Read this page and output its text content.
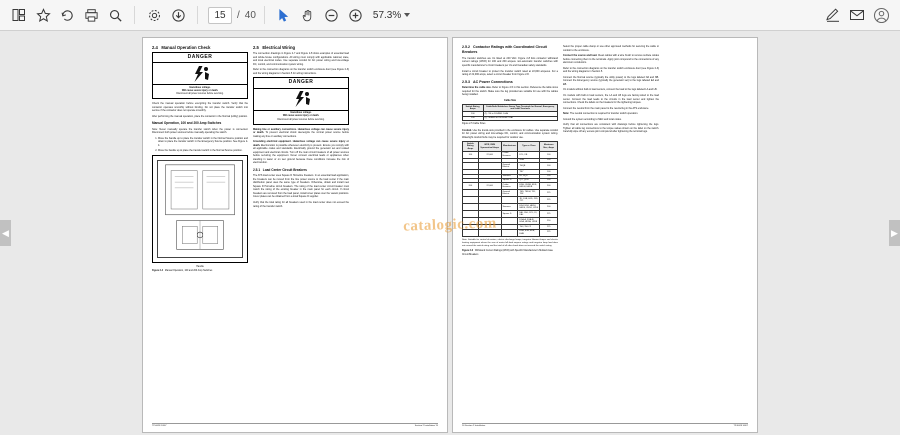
15
/ 40	57.3%
◀	▶
2.4 Manual Operation Check
DANGER
Hazardous voltage.
Will cause severe injury or death.
Disconnect all power sources before servicing.

Check the manual operation before energizing the transfer switch. Verify that the contactor operates smoothly without binding. Do not place the transfer switch into service if the contactor does not operate smoothly.

After performing the manual operation, place the contactor in the Normal (utility) position.

Manual Operation, 100 and 200 Amp Switches

Note: Never manually operate the transfer switch when the power is connected. Disconnect both power sources before manually operating the switch.

1. Move the handle up to place the transfer switch in the Normal Source position and down to place the transfer switch in the Emergency Source position. See Figure 2-4.
2. Move the handle up to place the transfer switch in the Normal Source position.
Handle
Figure 2-4 Manual Operation, 100 and 200 Amp Switches
2.5 Electrical Wiring

The connection drawings in Figure 2-7 and Figure 2-8 show examples of essential load and whole-house configurations. All wiring must comply with applicable national, state, and local electrical codes. Use separate conduit for AC power wiring and low-voltage DC, control, and communication system wiring.

Refer to the connection diagrams on the transfer switch enclosure door (see Figure 2-3) and the wiring diagrams in Section 5 for wiring instructions.

DANGER
Hazardous voltage.
Will cause severe injury or death.
Disconnect all power sources before servicing.

Making line or auxiliary connections. Hazardous voltage can cause severe injury or death. To prevent electrical shock deenergize the normal power source before making any line or auxiliary connections.

Grounding electrical equipment. Hazardous voltage can cause severe injury or death. Electrocution is possible whenever electricity is present. Ensure you comply with all applicable codes and standards. Electrically ground the generator set and related equipment and electrical circuits. Turn off the main circuit breakers of all power sources before servicing the equipment. Never connect electrical leads or appliances when standing in water or on wet ground because these conditions increase the risk of electrocution.

2.5.1 Load Center Circuit Breakers

The ATS load center uses Square D Homeline breakers. In an essential load application, the breakers can be moved from the line power source to the load center if the main distribution panel uses the same type of breakers. Otherwise, obtain and install new Square D Homeline circuit breakers. The rating of the load center circuit breaker must match the rating of the existing breaker in the main panel for each circuit. If circuit breakers are removed from the load panel, install cover plates over the vacant positions. Cover plates can be obtained from a local Square D supplier.

Verify that the total rating for all breakers used in the load center does not exceed the rating of the transfer switch.

TP-6028 10/07	Section 2 Installation 15
2.5.2 Contactor Ratings with Coordinated Circuit Breakers

The transfer switches are UL listed at 240 VAC. Figure 2-8 lists contactor withstand current ratings (WCR) for 100 and 200 ampere non-automatic transfer switches with specific manufacturer's circuit breakers per UL and Canadian safety standards.

Install a circuit breaker to protect the transfer switch rated at 22,000 amperes. For a rating of 22,000 amps, select a circuit breaker from Figure 2-8.

2.5.3 AC Power Connections

Determine the cable size. Refer to Figure 2-5 in this section. Reference the table sizes required for the switch. Make sure the lug provided are suitable for use with the cables being installed.

Cable Size
Switch Rating, Amps	Cable/Solid Solderless Screw Type Terminals for Normal, Emergency, and Load Terminals
100	(1) #14 to 1/0 AWG Cu/Al
200	(1) #6 AWG to 250 kcmil Cu/Al
Figure 2-5 Cable Sizes

Conduit. Use the knock-outs provided in the enclosure for cables. Use separate conduit for AC power wiring and low-voltage DC, control, and communication system wiring. Watertight conduit hubs may be required for outdoor use.

Switch Rating, Amps	WCR, RMS Symmetrical Amps	Manufacturer	Type or Class	Maximum Size, Amps
100	22,000	Cutler-Hammer	FCL, FB	100
			GHB	100
		General Electric	THQB	100
			TEY	100
		Siemens	BL, BQD	100
		Square D	QO, QOB	100
200	22,000	Cutler-Hammer	EDH, CEDB, EDS, HEDH, HEDB	200
		General Electric	TED, TEDH, TFJ, TFK	225
			JD, JGB, HJD, JXD, JTC	225
		Siemens	ED4, ED6, HED4, HED6, CED6, LXD6	200
		Square D	FAL, FHL, FCL, FI, KAL	225
			FGA-A, FGA-B, HDA, HFDA, LFDB	250
			THJ, THLC2	225
			EGB, EJB, EDB, EHB	225

Note: Suitable for control of motors, electric discharge lamps, tungsten filament lamps and electric heating equipment where the sum of motor full-load ampere ratings and tungsten lamp load does not exceed the switch rating and the total of all other loads does not exceed the switch rating.

Figure 2-6 Withstand Current Ratings (WCR) with Specific Manufacturer's Molded-Case Circuit Breakers

Select the proper cable clamp or use other approved methods for securing the cable or conduit to the enclosure.

Connect the source and load. Clean cables with a wire brush to remove surface oxides before connecting them to the terminals. Apply joint compound to the connections of any aluminum conductors.

Refer to the connection diagrams on the transfer switch enclosure door (see Figure 2-3) and the wiring diagrams in Section 5.

Connect the Normal source (typically the utility power) to the lugs labeled NA and NB. Connect the Emergency source (typically the generator set) to the lugs labeled EA and EB.

On models without built-in load centers, connect the load to the lugs labeled LA and LB.

On models with built-in load centers, the LA and LB lugs are factory-wired to the load center. Connect the load leads to the circuits in the load center and tighten the connections. Check the labels on the breakers for the tightening torques.

Connect the neutral from the main panel to the neutral lug in the ATS enclosure.

Note: The neutral connection is required for transfer switch operation.

Ground the system according to NEC and local codes.

Verify that all connections are consistent with drawings before tightening the lugs. Tighten all cable lug connections to the torque values shown on the label on the switch. Carefully wipe off any excess joint compound after tightening the terminal lugs.

16 Section 2 Installation	TP-6028 10/07
catalogic.com
